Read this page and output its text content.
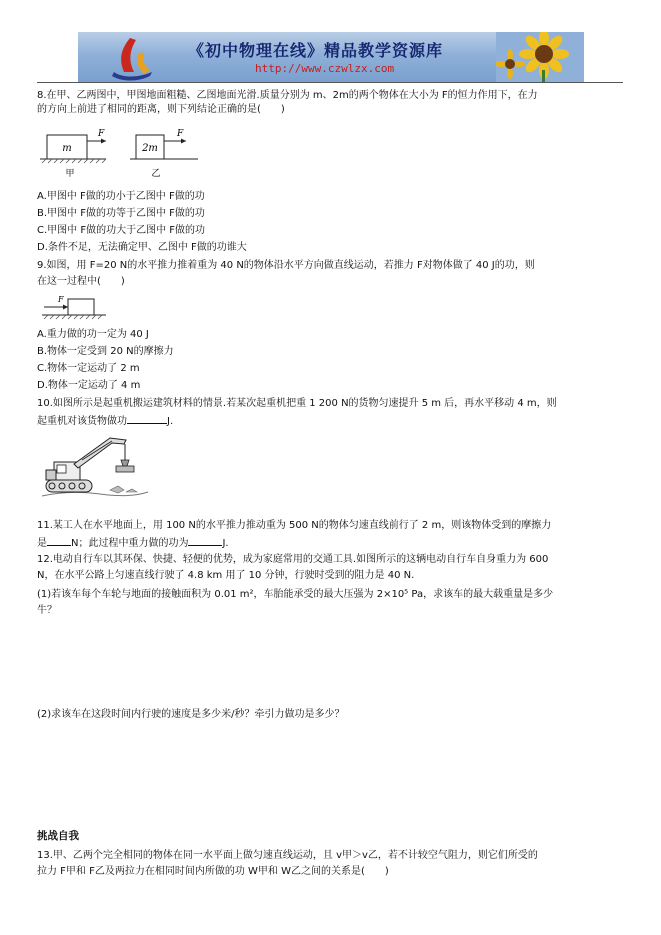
《初中物理在线》精品教学资源库
http://www.czwlzx.com
8.在甲、乙两图中，甲图地面粗糙、乙图地面光滑.质量分别为 m、2m的两个物体在大小为 F的恒力作用下，在力
的方向上前进了相同的距离，则下列结论正确的是(　　)
m
F
甲
2m
F
乙
A.甲图中 F做的功小于乙图中 F做的功
B.甲图中 F做的功等于乙图中 F做的功
C.甲图中 F做的功大于乙图中 F做的功
D.条件不足，无法确定甲、乙图中 F做的功谁大
9.如图，用 F=20 N的水平推力推着重为 40 N的物体沿水平方向做直线运动，若推力 F对物体做了 40 J的功，则
在这一过程中(　　)
F
A.重力做的功一定为 40 J
B.物体一定受到 20 N的摩擦力
C.物体一定运动了 2 m
D.物体一定运动了 4 m
10.如图所示是起重机搬运建筑材料的情景.若某次起重机把重 1 200 N的货物匀速提升 5 m 后，再水平移动 4 m，则
起重机对该货物做功	J.
11.某工人在水平地面上，用 100 N的水平推力推动重为 500 N的物体匀速直线前行了 2 m，则该物体受到的摩擦力
是 N；此过程中重力做的功为	J.
12.电动自行车以其环保、快捷、轻便的优势，成为家庭常用的交通工具.如图所示的这辆电动自行车自身重力为 600
N，在水平公路上匀速直线行驶了 4.8 km 用了 10 分钟，行驶时受到的阻力是 40 N.
(1)若该车每个车轮与地面的接触面积为 0.01 m²，车胎能承受的最大压强为 2×10⁵ Pa，求该车的最大载重量是多少
牛？
(2)求该车在这段时间内行驶的速度是多少米/秒？牵引力做功是多少？
挑战自我
13.甲、乙两个完全相同的物体在同一水平面上做匀速直线运动，且 v甲＞v乙，若不计较空气阻力，则它们所受的
拉力 F甲和 F乙及两拉力在相同时间内所做的功 W甲和 W乙之间的关系是(　　)
